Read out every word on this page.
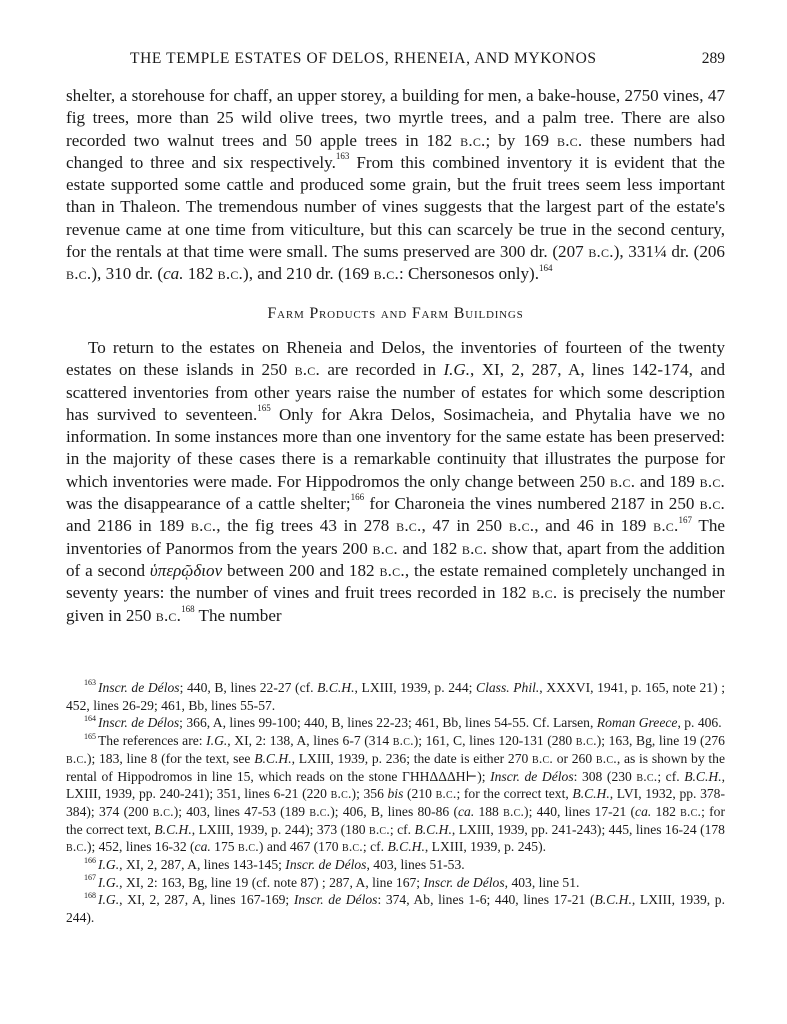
THE TEMPLE ESTATES OF DELOS, RHENEIA, AND MYKONOS	289

shelter, a storehouse for chaff, an upper storey, a building for men, a bake-house, 2750 vines, 47 fig trees, more than 25 wild olive trees, two myrtle trees, and a palm tree. There are also recorded two walnut trees and 50 apple trees in 182 b.c.; by 169 b.c. these numbers had changed to three and six respectively.$^{163}$ From this combined inventory it is evident that the estate supported some cattle and produced some grain, but the fruit trees seem less important than in Thaleon. The tremendous number of vines suggests that the largest part of the estate's revenue came at one time from viticulture, but this can scarcely be true in the second century, for the rentals at that time were small. The sums preserved are 300 dr. (207 b.c.), 331¼ dr. (206 b.c.), 310 dr. (ca. 182 b.c.), and 210 dr. (169 b.c.: Chersonesos only).$^{164}$

Farm Products and Farm Buildings

To return to the estates on Rheneia and Delos, the inventories of fourteen of the twenty estates on these islands in 250 b.c. are recorded in I.G., XI, 2, 287, A, lines 142-174, and scattered inventories from other years raise the number of estates for which some description has survived to seventeen.$^{165}$ Only for Akra Delos, Sosimacheia, and Phytalia have we no information. In some instances more than one inventory for the same estate has been preserved: in the majority of these cases there is a remarkable continuity that illustrates the purpose for which inventories were made. For Hippodromos the only change between 250 b.c. and 189 b.c. was the disappearance of a cattle shelter;$^{166}$ for Charoneia the vines numbered 2187 in 250 b.c. and 2186 in 189 b.c., the fig trees 43 in 278 b.c., 47 in 250 b.c., and 46 in 189 b.c.$^{167}$ The inventories of Panormos from the years 200 b.c. and 182 b.c. show that, apart from the addition of a second ὑπερῷδιον between 200 and 182 b.c., the estate remained completely unchanged in seventy years: the number of vines and fruit trees recorded in 182 b.c. is precisely the number given in 250 b.c.$^{168}$ The number

$^{163}$ Inscr. de Délos; 440, B, lines 22-27 (cf. B.C.H., LXIII, 1939, p. 244; Class. Phil., XXXVI, 1941, p. 165, note 21) ; 452, lines 26-29; 461, Bb, lines 55-57.

$^{164}$ Inscr. de Délos; 366, A, lines 99-100; 440, B, lines 22-23; 461, Bb, lines 54-55. Cf. Larsen, Roman Greece, p. 406.

$^{165}$ The references are: I.G., XI, 2: 138, A, lines 6-7 (314 b.c.); 161, C, lines 120-131 (280 b.c.); 163, Bg, line 19 (276 b.c.); 183, line 8 (for the text, see B.C.H., LXIII, 1939, p. 236; the date is either 270 b.c. or 260 b.c., as is shown by the rental of Hippodromos in line 15, which reads on the stone ΓΗΗΔΔΔΗ⊢); Inscr. de Délos: 308 (230 b.c.; cf. B.C.H., LXIII, 1939, pp. 240-241); 351, lines 6-21 (220 b.c.); 356 bis (210 b.c.; for the correct text, B.C.H., LVI, 1932, pp. 378-384); 374 (200 b.c.); 403, lines 47-53 (189 b.c.); 406, B, lines 80-86 (ca. 188 b.c.); 440, lines 17-21 (ca. 182 b.c.; for the correct text, B.C.H., LXIII, 1939, p. 244); 373 (180 b.c.; cf. B.C.H., LXIII, 1939, pp. 241-243); 445, lines 16-24 (178 b.c.); 452, lines 16-32 (ca. 175 b.c.) and 467 (170 b.c.; cf. B.C.H., LXIII, 1939, p. 245).

$^{166}$ I.G., XI, 2, 287, A, lines 143-145; Inscr. de Délos, 403, lines 51-53.

$^{167}$ I.G., XI, 2: 163, Bg, line 19 (cf. note 87) ; 287, A, line 167; Inscr. de Délos, 403, line 51.

$^{168}$ I.G., XI, 2, 287, A, lines 167-169; Inscr. de Délos: 374, Ab, lines 1-6; 440, lines 17-21 (B.C.H., LXIII, 1939, p. 244).
